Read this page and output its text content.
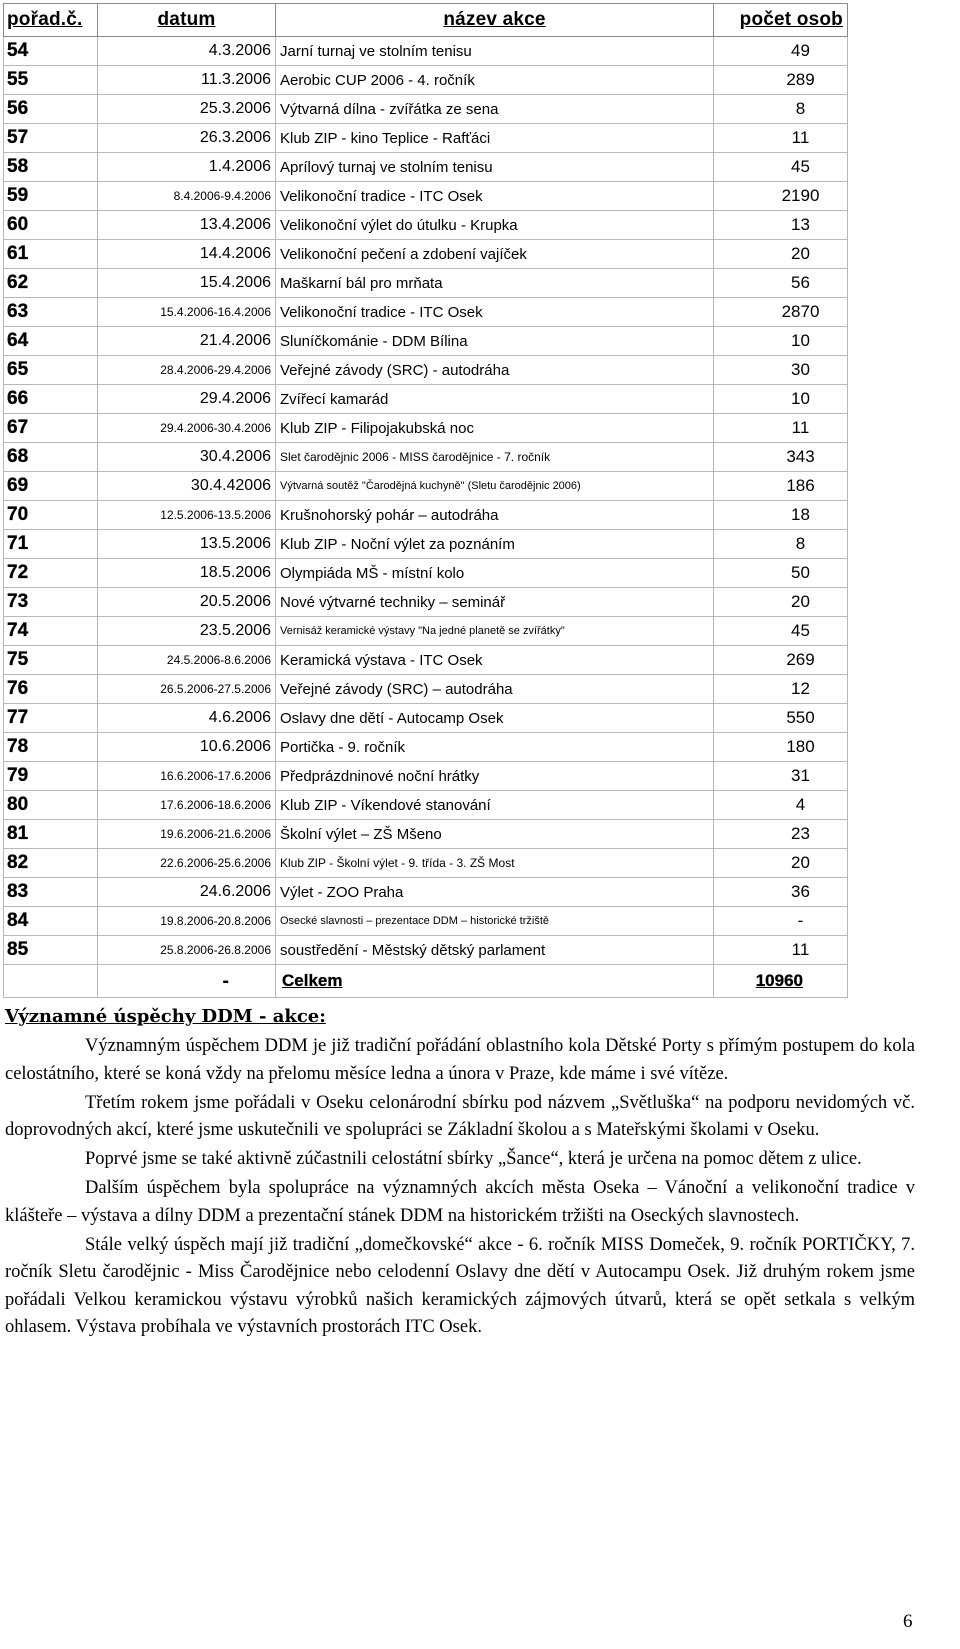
pořad.č.	datum	název akce	počet osob
54	4.3.2006	Jarní turnaj ve stolním tenisu	49
55	11.3.2006	Aerobic CUP 2006 - 4. ročník	289
56	25.3.2006	Výtvarná dílna - zvířátka ze sena	8
57	26.3.2006	Klub ZIP - kino Teplice - Rafťáci	11
58	1.4.2006	Aprílový turnaj ve stolním tenisu	45
59	8.4.2006-9.4.2006	Velikonoční tradice - ITC Osek	2190
60	13.4.2006	Velikonoční výlet do útulku - Krupka	13
61	14.4.2006	Velikonoční pečení a zdobení vajíček	20
62	15.4.2006	Maškarní bál pro mrňata	56
63	15.4.2006-16.4.2006	Velikonoční tradice - ITC Osek	2870
64	21.4.2006	Sluníčkománie - DDM Bílina	10
65	28.4.2006-29.4.2006	Veřejné závody (SRC) - autodráha	30
66	29.4.2006	Zvířecí kamarád	10
67	29.4.2006-30.4.2006	Klub ZIP - Filipojakubská noc	11
68	30.4.2006	Slet čarodějnic 2006 - MISS čarodějnice - 7. ročník	343
69	30.4.42006	Výtvarná soutěž "Čarodějná kuchyně" (Sletu čarodějnic 2006)	186
70	12.5.2006-13.5.2006	Krušnohorský pohár – autodráha	18
71	13.5.2006	Klub ZIP - Noční výlet za poznáním	8
72	18.5.2006	Olympiáda MŠ - místní kolo	50
73	20.5.2006	Nové výtvarné techniky – seminář	20
74	23.5.2006	Vernisáž keramické výstavy "Na jedné planetě se zvířátky"	45
75	24.5.2006-8.6.2006	Keramická výstava - ITC Osek	269
76	26.5.2006-27.5.2006	Veřejné závody (SRC) – autodráha	12
77	4.6.2006	Oslavy dne dětí - Autocamp Osek	550
78	10.6.2006	Portička - 9. ročník	180
79	16.6.2006-17.6.2006	Předprázdninové noční hrátky	31
80	17.6.2006-18.6.2006	Klub ZIP - Víkendové stanování	4
81	19.6.2006-21.6.2006	Školní výlet – ZŠ Mšeno	23
82	22.6.2006-25.6.2006	Klub ZIP - Školní výlet - 9. třída - 3. ZŠ Most	20
83	24.6.2006	Výlet - ZOO Praha	36
84	19.8.2006-20.8.2006	Osecké slavnosti – prezentace DDM – historické tržiště	-
85	25.8.2006-26.8.2006	soustředění - Městský dětský parlament	11
	-	Celkem	10960
Významné úspěchy DDM - akce:

Významným úspěchem DDM je již tradiční pořádání oblastního kola Dětské Porty s přímým postupem do kola celostátního, které se koná vždy na přelomu měsíce ledna a února v Praze, kde máme i své vítěze.

Třetím rokem jsme pořádali v Oseku celonárodní sbírku pod názvem „Světluška“ na podporu nevidomých vč. doprovodných akcí, které jsme uskutečnili ve spolupráci se Základní školou a s Mateřskými školami v Oseku.

Poprvé jsme se také aktivně zúčastnili celostátní sbírky „Šance“, která je určena na pomoc dětem z ulice.

Dalším úspěchem byla spolupráce na významných akcích města Oseka – Vánoční a velikonoční tradice v klášteře – výstava a dílny DDM a prezentační stánek DDM na historickém tržišti na Oseckých slavnostech.

Stále velký úspěch mají již tradiční „domečkovské“ akce - 6. ročník MISS Domeček, 9. ročník PORTIČKY, 7. ročník Sletu čarodějnic - Miss Čarodějnice nebo celodenní Oslavy dne dětí v Autocampu Osek. Již druhým rokem jsme pořádali Velkou keramickou výstavu výrobků našich keramických zájmových útvarů, která se opět setkala s velkým ohlasem. Výstava probíhala ve výstavních prostorách ITC Osek.

6
